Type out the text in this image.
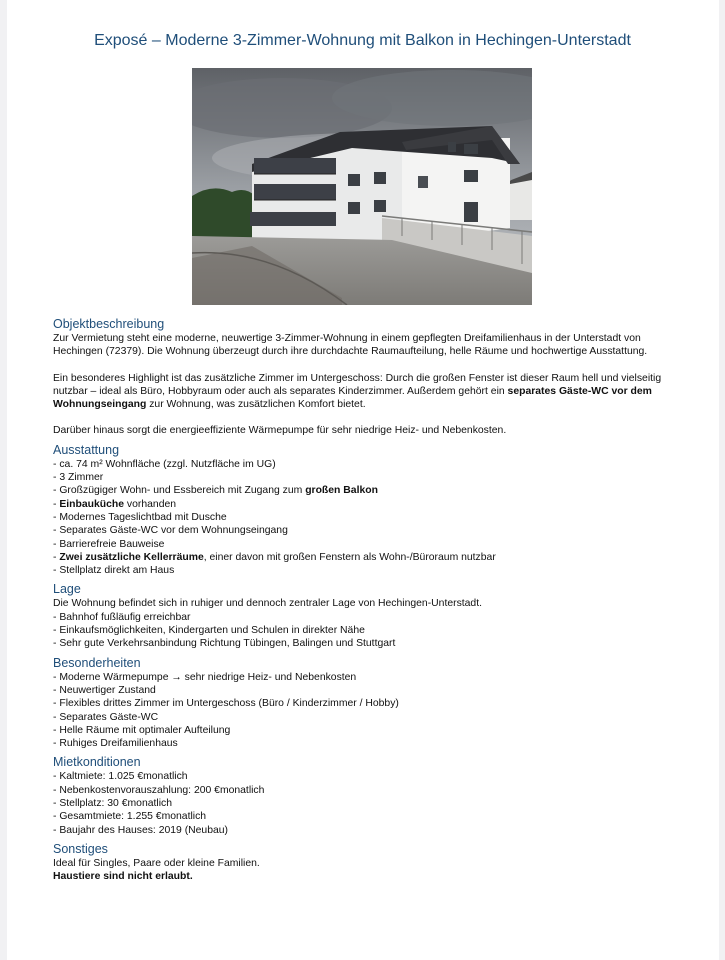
Exposé – Moderne 3-Zimmer-Wohnung mit Balkon in Hechingen-Unterstadt
Objektbeschreibung

Zur Vermietung steht eine moderne, neuwertige 3-Zimmer-Wohnung in einem gepflegten Dreifamilienhaus in der Unterstadt von Hechingen (72379). Die Wohnung überzeugt durch ihre durchdachte Raumaufteilung, helle Räume und hochwertige Ausstattung.

Ein besonderes Highlight ist das zusätzliche Zimmer im Untergeschoss: Durch die großen Fenster ist dieser Raum hell und vielseitig nutzbar – ideal als Büro, Hobbyraum oder auch als separates Kinderzimmer. Außerdem gehört ein separates Gäste-WC vor dem Wohnungseingang zur Wohnung, was zusätzlichen Komfort bietet.

Darüber hinaus sorgt die energieeffiziente Wärmepumpe für sehr niedrige Heiz- und Nebenkosten.

Ausstattung
- ca. 74 m² Wohnfläche (zzgl. Nutzfläche im UG)
- 3 Zimmer
- Großzügiger Wohn- und Essbereich mit Zugang zum großen Balkon
- Einbauküche vorhanden
- Modernes Tageslichtbad mit Dusche
- Separates Gäste-WC vor dem Wohnungseingang
- Barrierefreie Bauweise
- Zwei zusätzliche Kellerräume, einer davon mit großen Fenstern als Wohn-/Büroraum nutzbar
- Stellplatz direkt am Haus
Lage
Die Wohnung befindet sich in ruhiger und dennoch zentraler Lage von Hechingen-Unterstadt.
- Bahnhof fußläufig erreichbar
- Einkaufsmöglichkeiten, Kindergarten und Schulen in direkter Nähe
- Sehr gute Verkehrsanbindung Richtung Tübingen, Balingen und Stuttgart
Besonderheiten
- Moderne Wärmepumpe → sehr niedrige Heiz- und Nebenkosten
- Neuwertiger Zustand
- Flexibles drittes Zimmer im Untergeschoss (Büro / Kinderzimmer / Hobby)
- Separates Gäste-WC
- Helle Räume mit optimaler Aufteilung
- Ruhiges Dreifamilienhaus
Mietkonditionen
- Kaltmiete: 1.025 €monatlich
- Nebenkostenvorauszahlung: 200 €monatlich
- Stellplatz: 30 €monatlich
- Gesamtmiete: 1.255 €monatlich
- Baujahr des Hauses: 2019 (Neubau)
Sonstiges
Ideal für Singles, Paare oder kleine Familien.
Haustiere sind nicht erlaubt.
